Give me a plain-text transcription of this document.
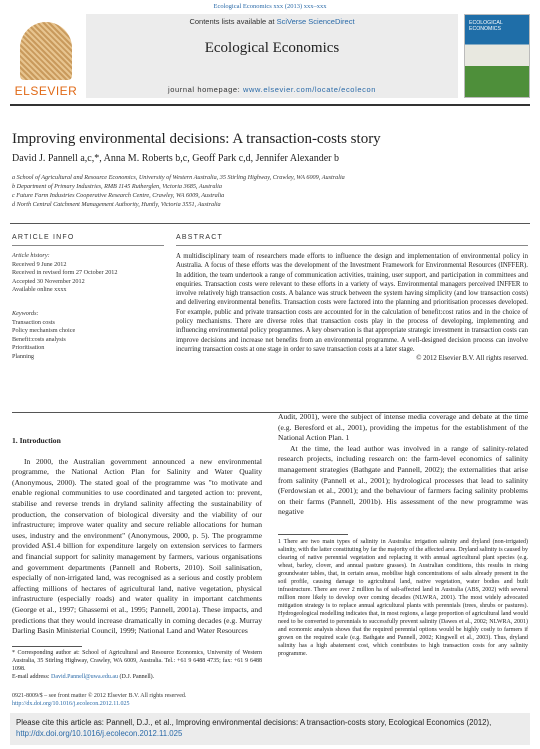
Ecological Economics xxx (2013) xxx–xxx
ELSEVIER
Contents lists available at SciVerse ScienceDirect
Ecological Economics
journal homepage: www.elsevier.com/locate/ecolecon
ECOLOGICAL ECONOMICS
Improving environmental decisions: A transaction-costs story
David J. Pannell a,c,*, Anna M. Roberts b,c, Geoff Park c,d, Jennifer Alexander b
a School of Agricultural and Resource Economics, University of Western Australia, 35 Stirling Highway, Crawley, WA 6009, Australia
b Department of Primary Industries, RMB 1145 Rutherglen, Victoria 3685, Australia
c Future Farm Industries Cooperative Research Centre, Crawley, WA 6009, Australia
d North Central Catchment Management Authority, Huntly, Victoria 3551, Australia
ARTICLE INFO	ABSTRACT
Article history:
Received 9 June 2012
Received in revised form 27 October 2012
Accepted 30 November 2012
Available online xxxx
Keywords:
Transaction costs
Policy mechanism choice
Benefit:costs analysis
Prioritisation
Planning
A multidisciplinary team of researchers made efforts to influence the design and implementation of environmental policy in Australia. A focus of these efforts was the development of the Investment Framework for Environmental Resources (INFFER). In addition, the team undertook a range of communication activities, training, user support, and participation in committees and enquiries. Transaction costs were relevant to these efforts in a variety of ways. Environmental managers perceived INFFER to involve relatively high transaction costs. A balance was struck between the system having simplicity (and low transaction costs) and delivering environmental benefits. Transaction costs were factored into the planning and prioritisation processes developed. For example, public and private transaction costs are accounted for in the calculation of benefit:cost ratios and in the choice of policy mechanisms. There are diverse roles that transaction costs play in the process of developing, implementing and influencing environmental policy programmes. A key observation is that appropriate strategic investment in transaction costs can improve decisions and increase net benefits from an environmental programme. A well-designed decision process can involve incurring transaction costs at one stage in order to save transaction costs at a later stage.
© 2012 Elsevier B.V. All rights reserved.
1. Introduction

In 2000, the Australian government announced a new environmental programme, the National Action Plan for Salinity and Water Quality (Anonymous, 2000). The stated goal of the programme was "to motivate and enable regional communities to use coordinated and targeted action to: prevent, stabilise and reverse trends in dryland salinity affecting the sustainability of production, the conservation of biological diversity and the viability of our infrastructure; improve water quality and secure reliable allocations for human uses, industry and the environment" (Anonymous, 2000, p. 5). The programme provided A$1.4 billion for expenditure largely on extension services to farmers and financial support for salinity management by farmers, various organisations and government departments (Pannell and Roberts, 2010). Soil salinisation, especially of non-irrigated land, was recognised as a serious and costly problem affecting millions of hectares of agricultural land, native vegetation, physical infrastructure (especially roads) and water quality in important catchments (George et al., 1997; Ghassemi et al., 1995; Pannell, 2001a). These impacts, and predictions that they would increase dramatically in coming decades (e.g. Murray Darling Basin Ministerial Council, 1999; National Land and Water Resources

Audit, 2001), were the subject of intense media coverage and debate at the time (e.g. Beresford et al., 2001), providing the impetus for the establishment of the National Action Plan. 1

At the time, the lead author was involved in a range of salinity-related research projects, including research on: the farm-level economics of salinity management strategies (Bathgate and Pannell, 2002); the externalities that arise from salinity (Pannell et al., 2001); hydrological processes that lead to salinity (Ferdowsian et al., 2001); and the behaviour of farmers facing salinity problems on their farms (Pannell, 2001b). His assessment of the new programme was negative

* Corresponding author at: School of Agricultural and Resource Economics, University of Western Australia, 35 Stirling Highway, Crawley, WA 6009, Australia. Tel.: +61 9 6488 4735; fax: +61 9 6488 1098.
E-mail address: David.Pannell@uwa.edu.au (D.J. Pannell).
1 There are two main types of salinity in Australia: irrigation salinity and dryland (non-irrigated) salinity, with the latter constituting by far the majority of the affected area. Dryland salinity is caused by clearing of native perennial vegetation and replacing it with annual agricultural plant species (e.g. wheat, barley, clover, and annual pasture grasses). In Australian conditions, this results in rising groundwater tables, that, in certain areas, mobilise high concentrations of salts already present in the soil profile, causing damage to agricultural land, native vegetation, water bodies and built infrastructure. There are over 2 million ha of salt-affected land in Australia (ABS, 2002) with several million more likely to develop over coming decades (NLWRA, 2001). The most widely advocated mitigation strategy is to replace annual agricultural plants with perennials (trees, shrubs or pastures). Hydrogeological modelling indicates that, in most regions, a large proportion of agricultural land would need to be converted to perennials to successfully prevent salinity (Dawes et al., 2002; NLWRA, 2001) and economic analysis shows that the required perennial options would be highly costly to farmers if grown on the required scale (e.g. Bathgate and Pannell, 2002; Kingwell et al., 2003). Thus, dryland salinity has a high abatement cost, which contributes to high transaction costs for any salinity programme.
0921-8009/$ – see front matter © 2012 Elsevier B.V. All rights reserved.
http://dx.doi.org/10.1016/j.ecolecon.2012.11.025
Please cite this article as: Pannell, D.J., et al., Improving environmental decisions: A transaction-costs story, Ecological Economics (2012),
http://dx.doi.org/10.1016/j.ecolecon.2012.11.025
